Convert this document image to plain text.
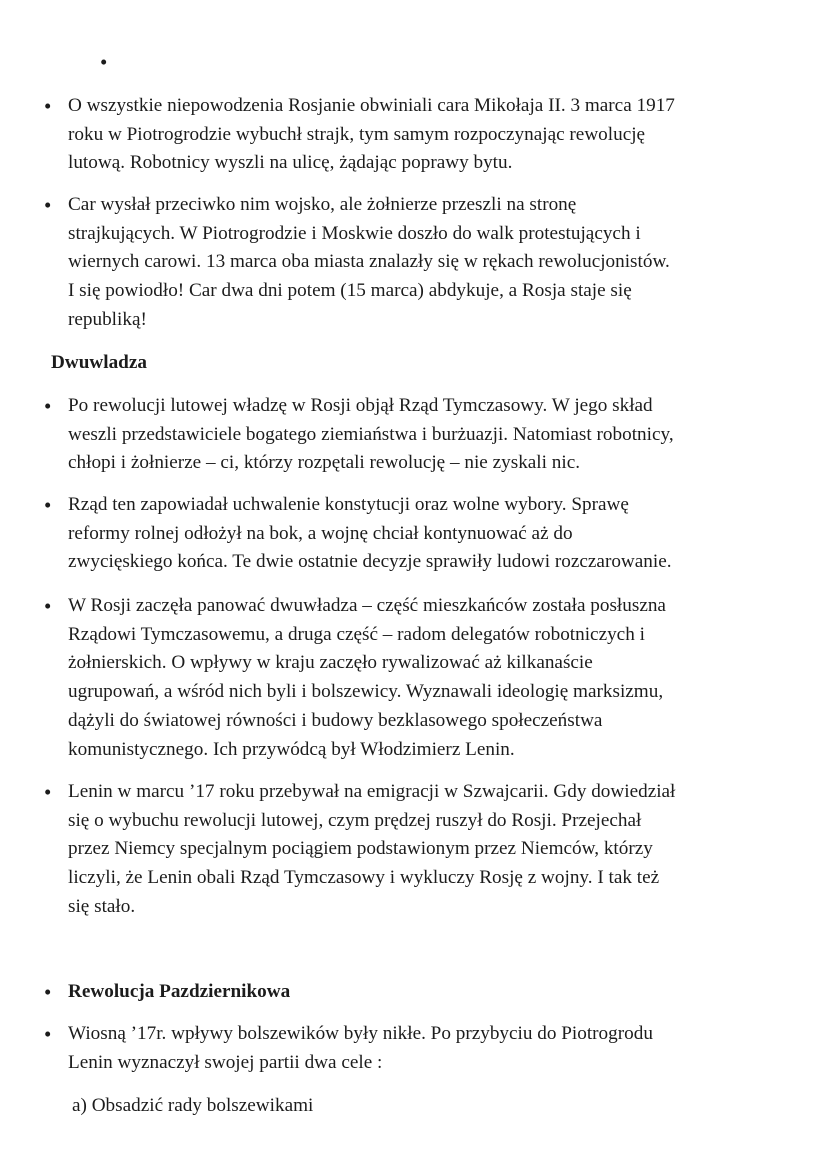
•
• O wszystkie niepowodzenia Rosjanie obwiniali cara Mikołaja II. 3 marca 1917
roku w Piotrogrodzie wybuchł strajk, tym samym rozpoczynając rewolucję
lutową. Robotnicy wyszli na ulicę, żądając poprawy bytu.
• Car wysłał przeciwko nim wojsko, ale żołnierze przeszli na stronę
strajkujących. W Piotrogrodzie i Moskwie doszło do walk protestujących i
wiernych carowi. 13 marca oba miasta znalazły się w rękach rewolucjonistów.
I się powiodło! Car dwa dni potem (15 marca) abdykuje, a Rosja staje się
republiką!
Dwuwladza
• Po rewolucji lutowej władzę w Rosji objął Rząd Tymczasowy. W jego skład
weszli przedstawiciele bogatego ziemiaństwa i burżuazji. Natomiast robotnicy,
chłopi i żołnierze – ci, którzy rozpętali rewolucję – nie zyskali nic.
• Rząd ten zapowiadał uchwalenie konstytucji oraz wolne wybory. Sprawę
reformy rolnej odłożył na bok, a wojnę chciał kontynuować aż do
zwycięskiego końca. Te dwie ostatnie decyzje sprawiły ludowi rozczarowanie.
• W Rosji zaczęła panować dwuwładza – część mieszkańców została posłuszna
Rządowi Tymczasowemu, a druga część – radom delegatów robotniczych i
żołnierskich. O wpływy w kraju zaczęło rywalizować aż kilkanaście
ugrupowań, a wśród nich byli i bolszewicy. Wyznawali ideologię marksizmu,
dążyli do światowej równości i budowy bezklasowego społeczeństwa
komunistycznego. Ich przywódcą był Włodzimierz Lenin.
• Lenin w marcu ’17 roku przebywał na emigracji w Szwajcarii. Gdy dowiedział
się o wybuchu rewolucji lutowej, czym prędzej ruszył do Rosji. Przejechał
przez Niemcy specjalnym pociągiem podstawionym przez Niemców, którzy
liczyli, że Lenin obali Rząd Tymczasowy i wykluczy Rosję z wojny. I tak też
się stało.
• Rewolucja Pazdziernikowa
• Wiosną ’17r. wpływy bolszewików były nikłe. Po przybyciu do Piotrogrodu
Lenin wyznaczył swojej partii dwa cele :
a) Obsadzić rady bolszewikami
